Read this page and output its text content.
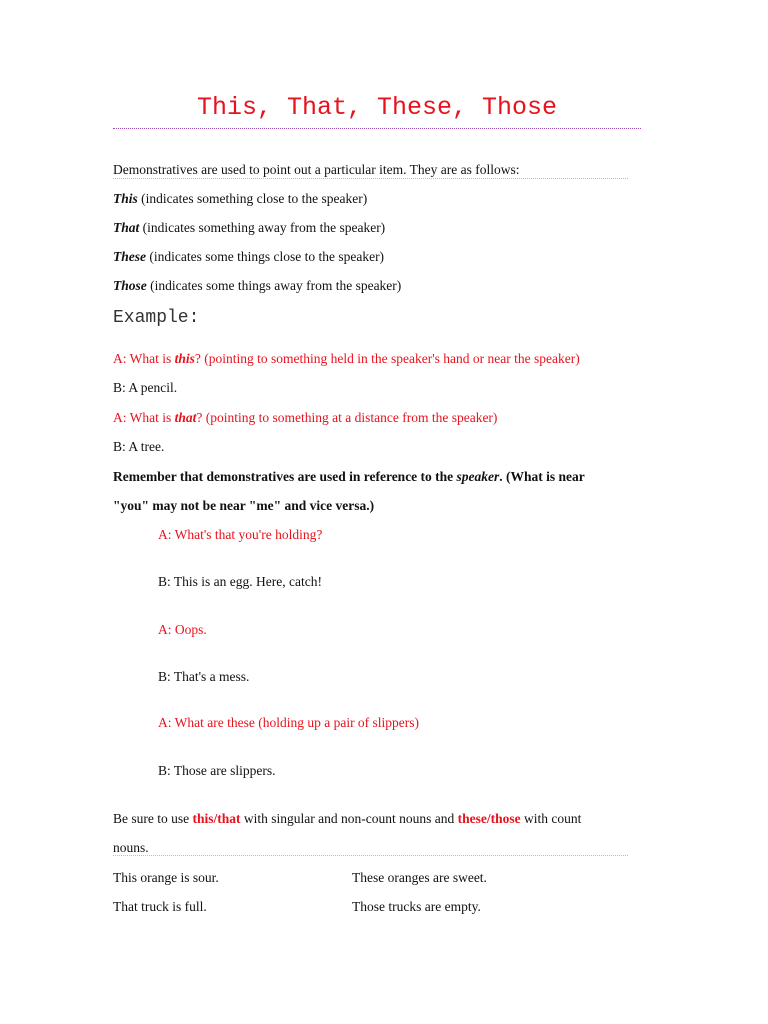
This, That, These, Those
Demonstratives are used to point out a particular item. They are as follows:
This (indicates something close to the speaker)
That (indicates something away from the speaker)
These (indicates some things close to the speaker)
Those (indicates some things away from the speaker)
Example:
A: What is this? (pointing to something held in the speaker's hand or near the speaker)
B: A pencil.
A: What is that? (pointing to something at a distance from the speaker)
B: A tree.
Remember that demonstratives are used in reference to the speaker. (What is near
"you" may not be near "me" and vice versa.)
A: What's that you're holding?
B: This is an egg. Here, catch!
A: Oops.
B: That's a mess.
A: What are these (holding up a pair of slippers)
B: Those are slippers.
Be sure to use this/that with singular and non-count nouns and these/those with count
nouns.
This orange is sour.	These oranges are sweet.
That truck is full.	Those trucks are empty.
